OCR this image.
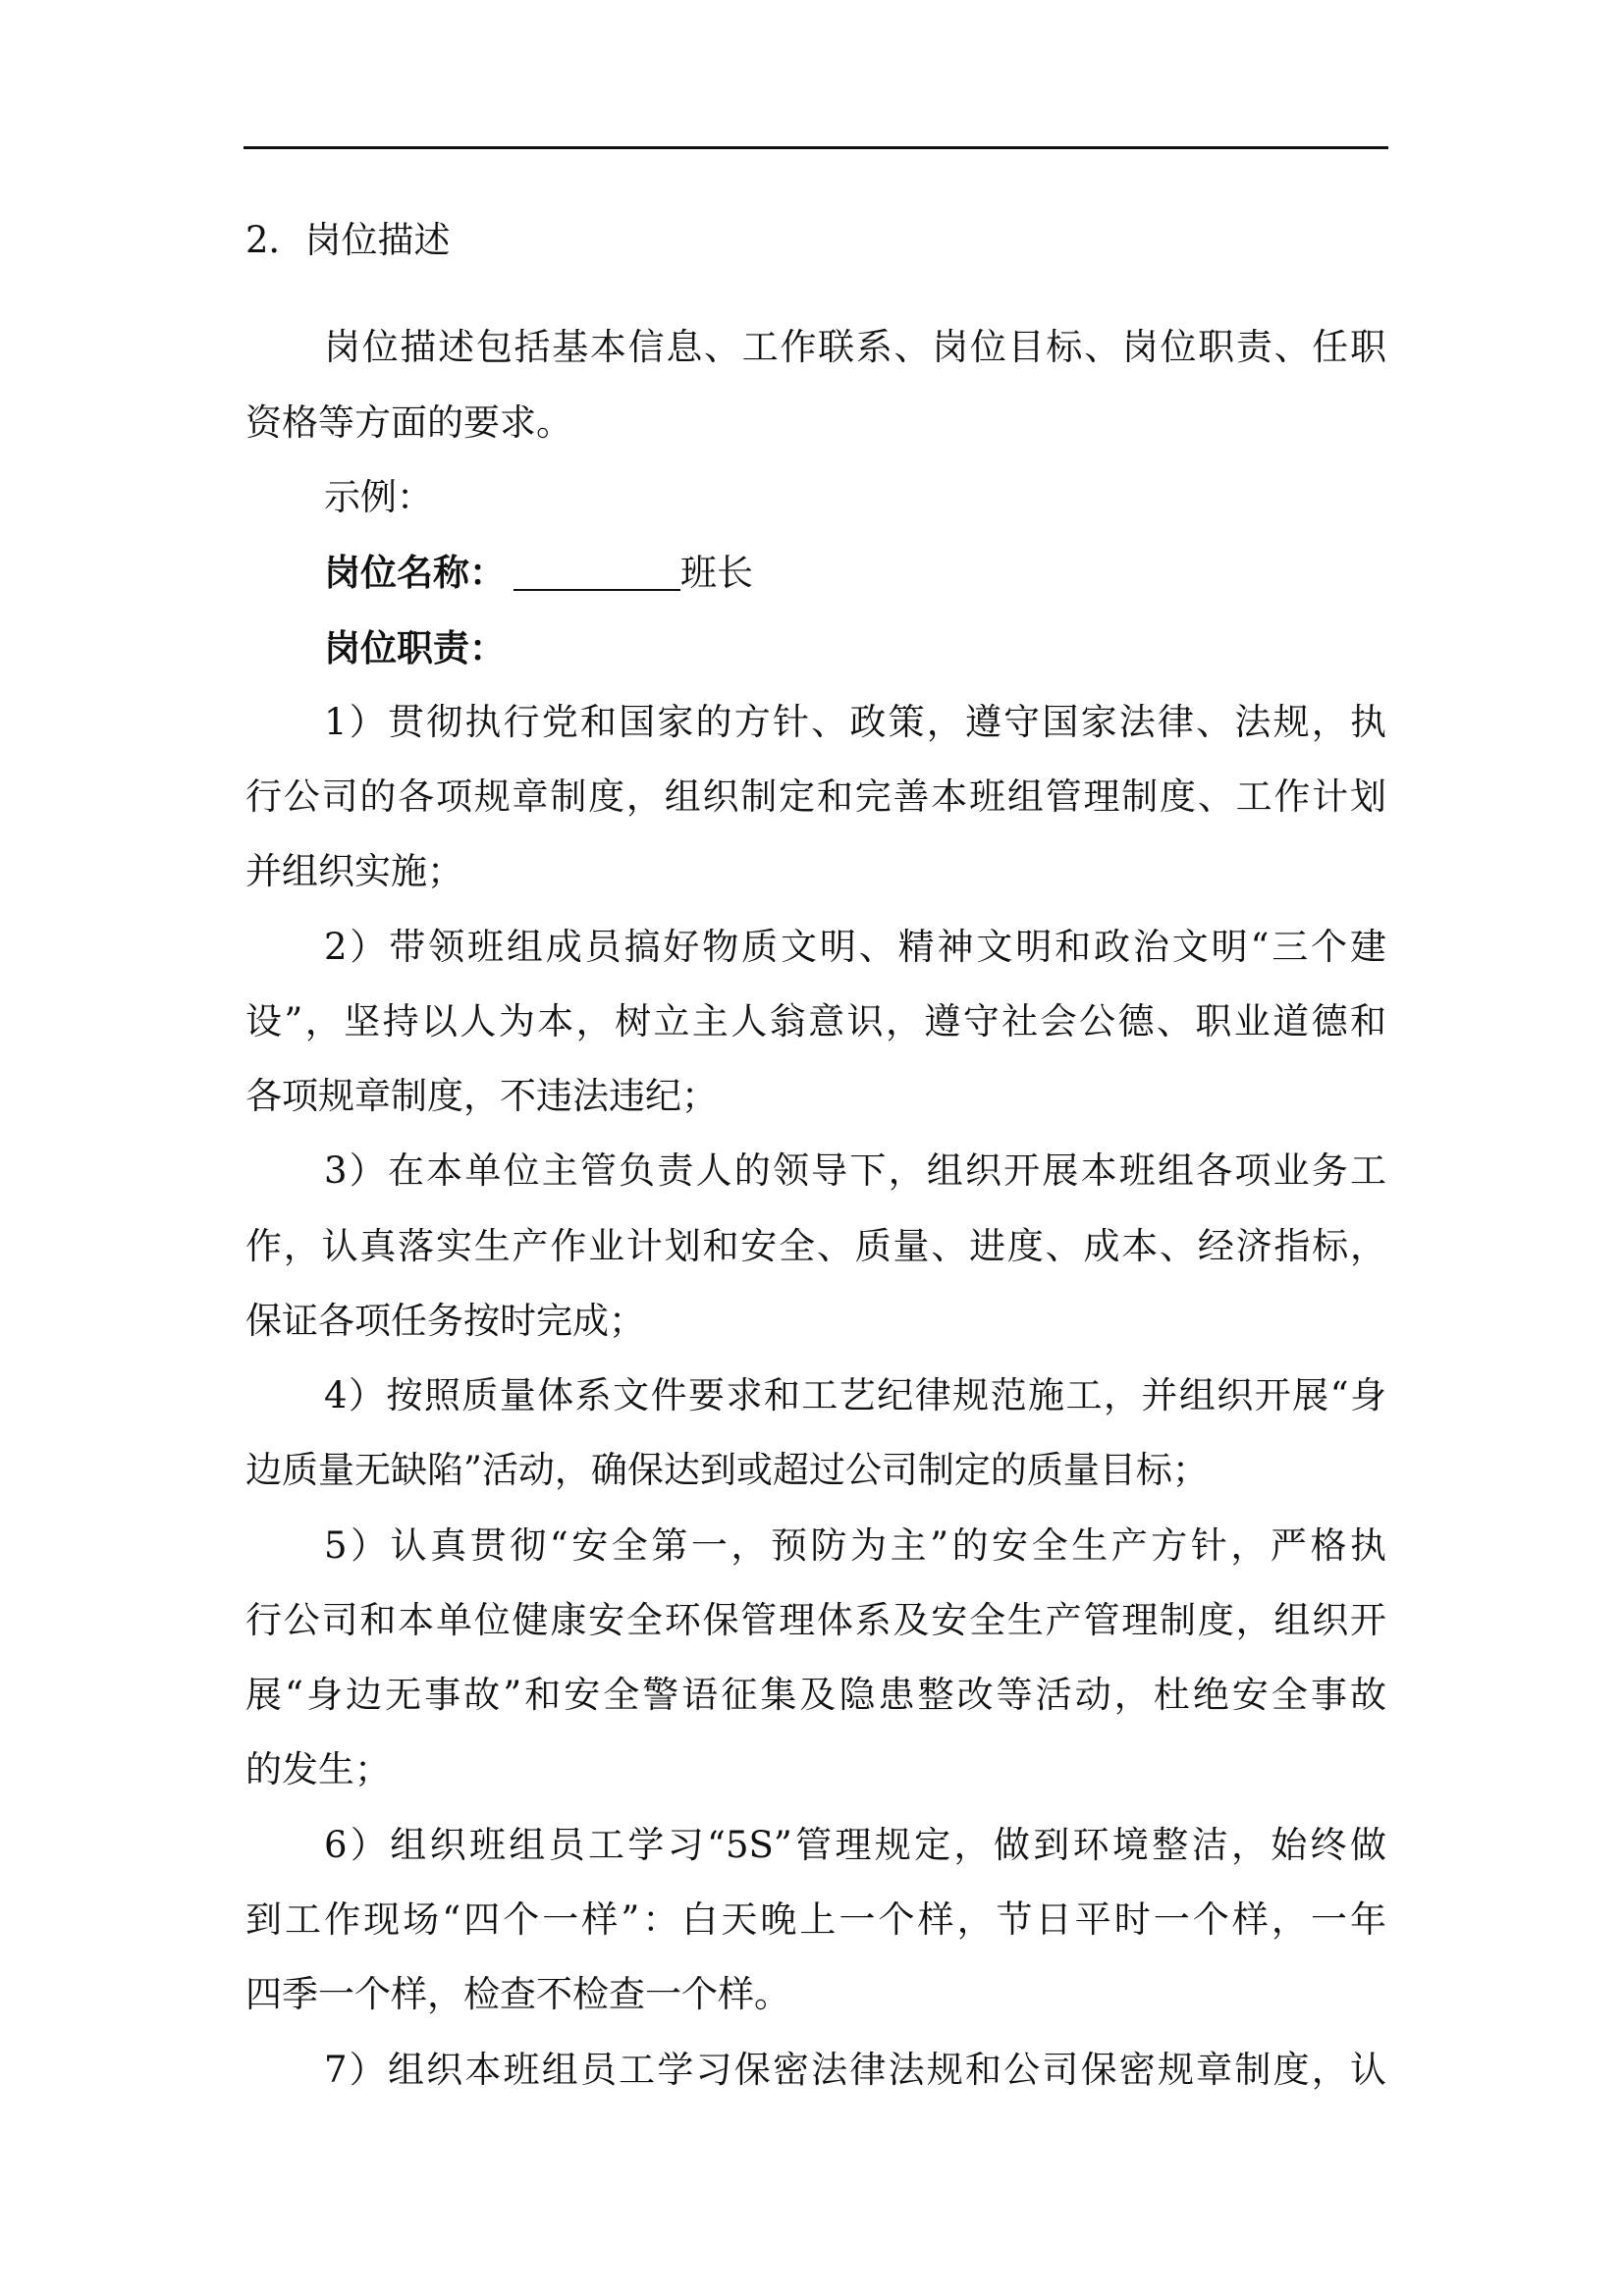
2．岗位描述
岗位描述包括基本信息、工作联系、岗位目标、岗位职责、任职
资格等方面的要求。
示例：
岗位名称：	班长
岗位职责：
1）贯彻执行党和国家的方针、政策，遵守国家法律、法规，执
行公司的各项规章制度，组织制定和完善本班组管理制度、工作计划
并组织实施；
2）带领班组成员搞好物质文明、精神文明和政治文明“三个建
设”，坚持以人为本，树立主人翁意识，遵守社会公德、职业道德和
各项规章制度，不违法违纪；
3）在本单位主管负责人的领导下，组织开展本班组各项业务工
作，认真落实生产作业计划和安全、质量、进度、成本、经济指标，
保证各项任务按时完成；
4）按照质量体系文件要求和工艺纪律规范施工，并组织开展“身
边质量无缺陷”活动，确保达到或超过公司制定的质量目标；
5）认真贯彻“安全第一，预防为主”的安全生产方针，严格执
行公司和本单位健康安全环保管理体系及安全生产管理制度，组织开
展“身边无事故”和安全警语征集及隐患整改等活动，杜绝安全事故
的发生；
6）组织班组员工学习“5S”管理规定，做到环境整洁，始终做
到工作现场“四个一样”：白天晚上一个样，节日平时一个样，一年
四季一个样，检查不检查一个样。
7）组织本班组员工学习保密法律法规和公司保密规章制度，认
